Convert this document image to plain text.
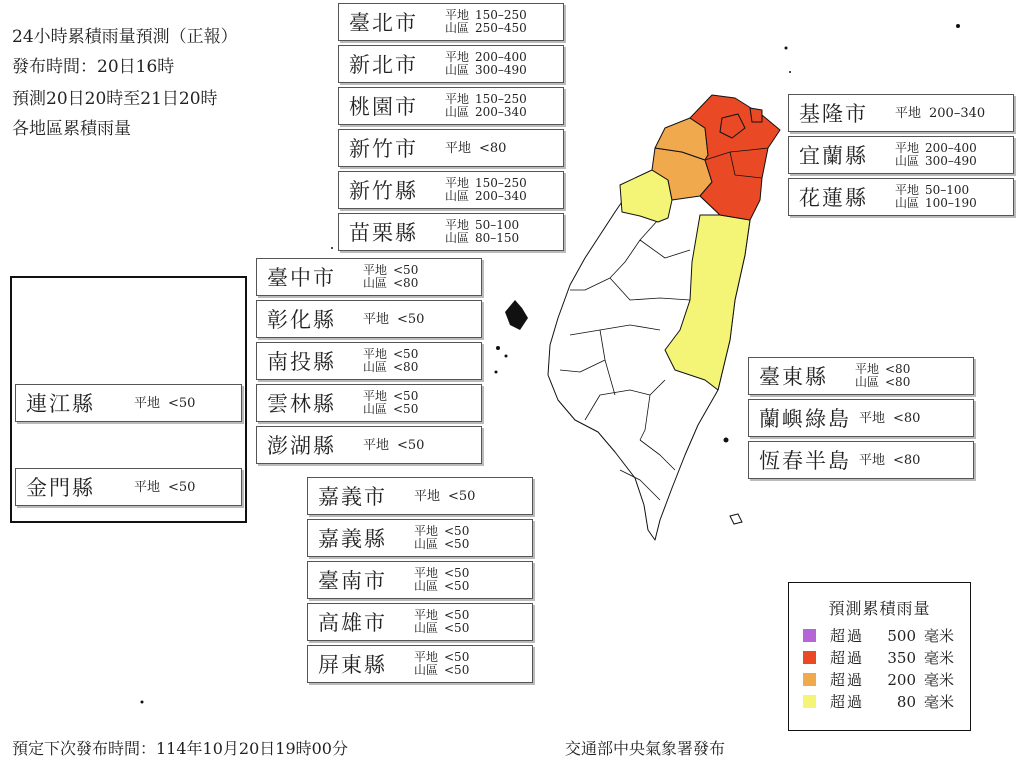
24小時累積雨量預測（正報）
發布時間：20日16時
預測20日20時至21日20時
各地區累積雨量
臺北市	平地 150–250
山區 250–450
新北市	平地 200–400
山區 300–490
桃園市	平地 150–250
山區 200–340
新竹市	平地 <80
新竹縣	平地 150–250
山區 200–340
苗栗縣	平地 50–100
山區 80–150
基隆市	平地 200–340
宜蘭縣	平地 200–400
山區 300–490
花蓮縣	平地 50–100
山區 100–190
臺中市	平地 <50
山區 <80
彰化縣	平地 <50
南投縣	平地 <50
山區 <80
雲林縣	平地 <50
山區 <50
澎湖縣	平地 <50
連江縣	平地 <50
金門縣	平地 <50	嘉義市	平地 <50
嘉義縣	平地 <50
山區 <50
臺南市	平地 <50
山區 <50
高雄市	平地 <50
山區 <50
屏東縣	平地 <50
山區 <50
臺東縣	平地 <80
山區 <80
蘭嶼綠島 平地 <80
恆春半島 平地 <80
預測累積雨量
超過	500 毫米
超過	350 毫米
超過	200 毫米
超過	80 毫米
預定下次發布時間：114年10月20日19時00分	交通部中央氣象署發布
